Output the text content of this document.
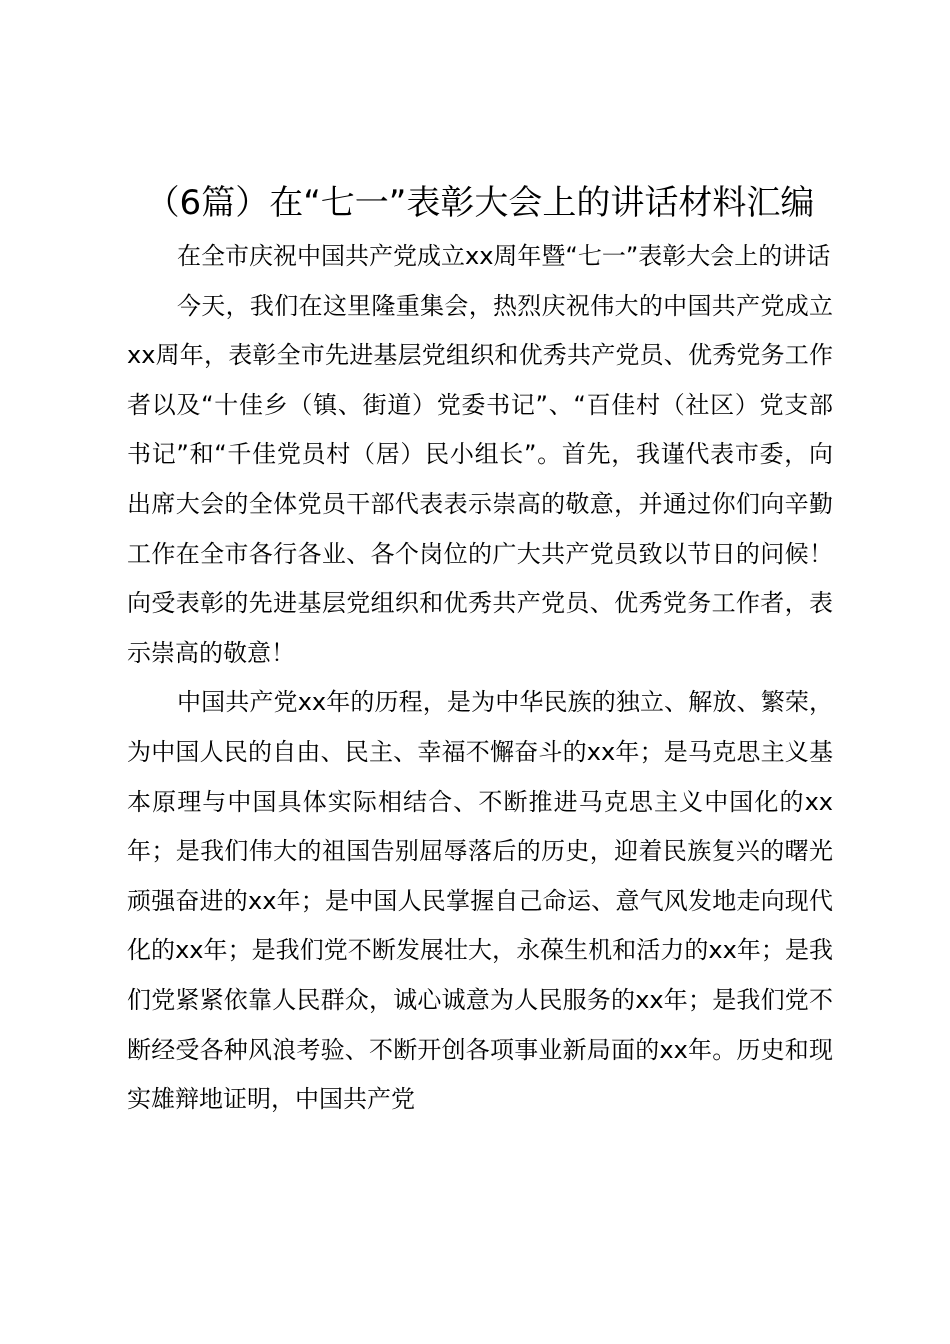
（6篇）在“七一”表彰大会上的讲话材料汇编

在全市庆祝中国共产党成立xx周年暨“七一”表彰大会上的讲话

今天，我们在这里隆重集会，热烈庆祝伟大的中国共产党成立xx周年，表彰全市先进基层党组织和优秀共产党员、优秀党务工作者以及“十佳乡（镇、街道）党委书记”、“百佳村（社区）党支部书记”和“千佳党员村（居）民小组长”。首先，我谨代表市委，向出席大会的全体党员干部代表表示崇高的敬意，并通过你们向辛勤工作在全市各行各业、各个岗位的广大共产党员致以节日的问候！向受表彰的先进基层党组织和优秀共产党员、优秀党务工作者，表示崇高的敬意！

中国共产党xx年的历程，是为中华民族的独立、解放、繁荣，为中国人民的自由、民主、幸福不懈奋斗的xx年；是马克思主义基本原理与中国具体实际相结合、不断推进马克思主义中国化的xx年；是我们伟大的祖国告别屈辱落后的历史，迎着民族复兴的曙光顽强奋进的xx年；是中国人民掌握自己命运、意气风发地走向现代化的xx年；是我们党不断发展壮大，永葆生机和活力的xx年；是我们党紧紧依靠人民群众，诚心诚意为人民服务的xx年；是我们党不断经受各种风浪考验、不断开创各项事业新局面的xx年。历史和现实雄辩地证明，中国共产党
